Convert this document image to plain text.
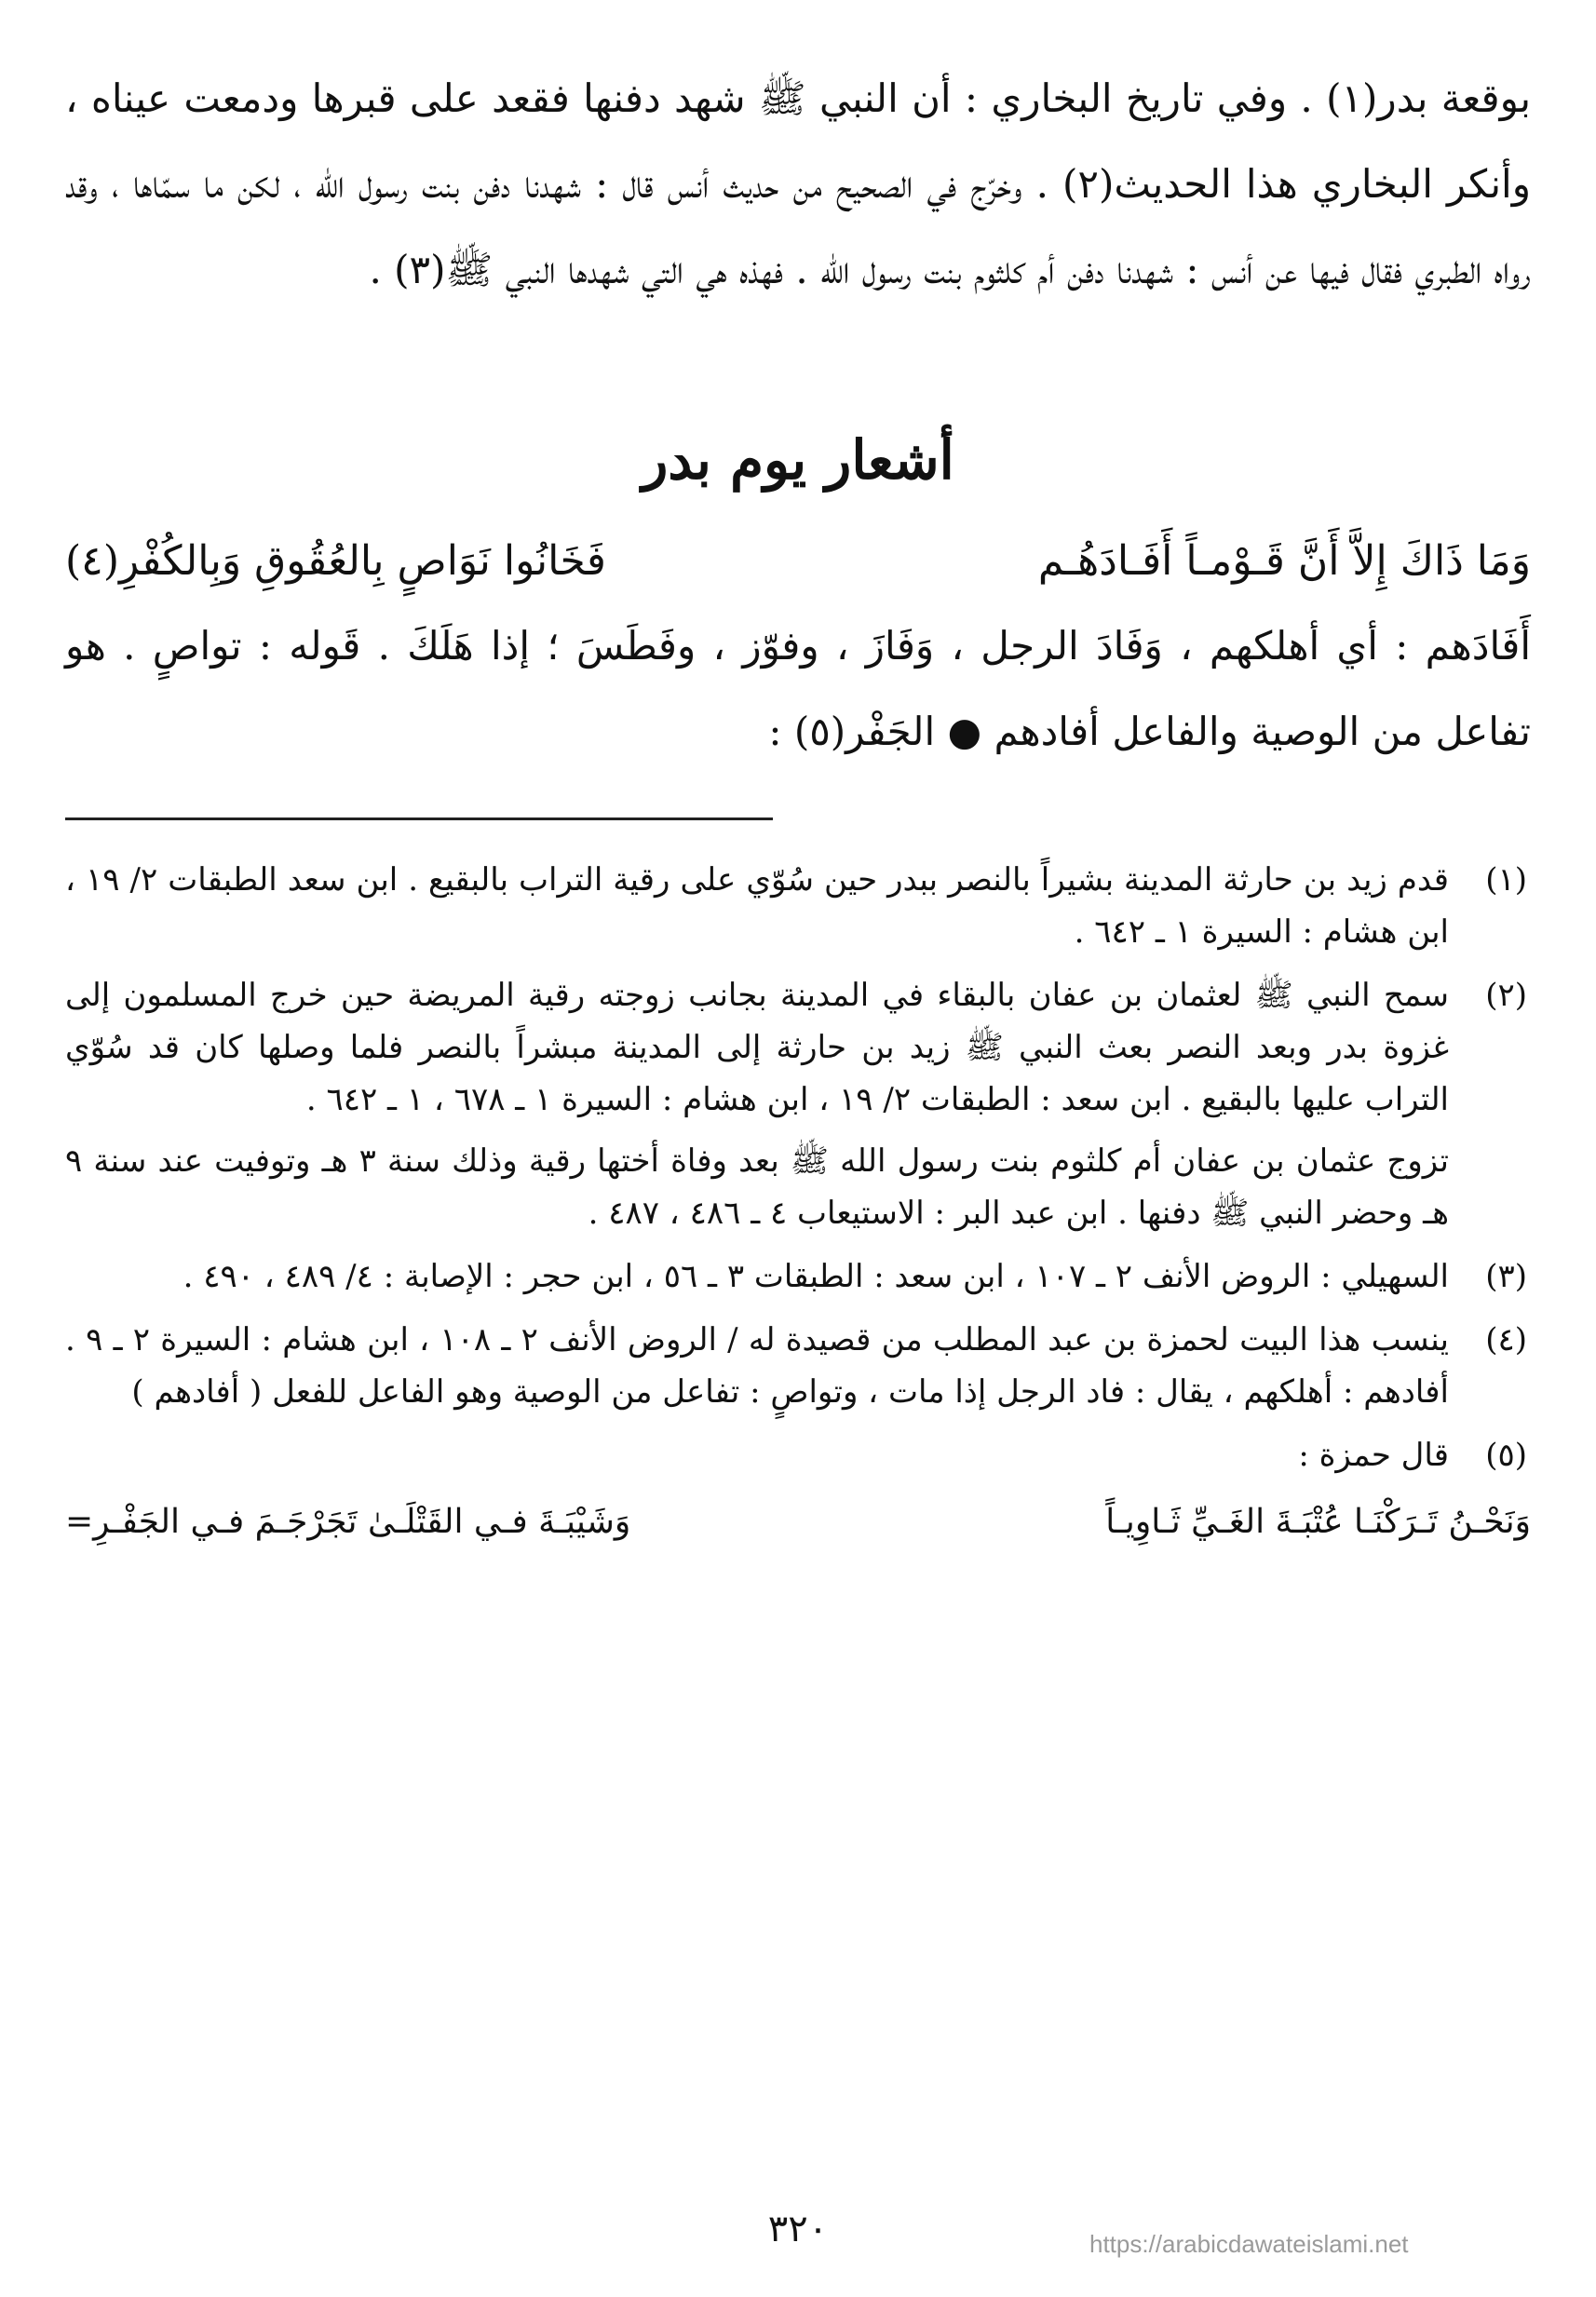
بوقعة بدر(١) . وفي تاريخ البخاري : أن النبي ﷺ شهد دفنها فقعد على قبرها ودمعت عيناه ، وأنكر البخاري هذا الحديث(٢) . وخرّج في الصحيح من حديث أنس قال : شهدنا دفن بنت رسول الله ، لكن ما سمّاها ، وقد رواه الطبري فقال فيها عن أنس : شهدنا دفن أم كلثوم بنت رسول الله . فهذه هي التي شهدها النبي ﷺ(٣) .

أشعار يوم بدر
وَمَا ذَاكَ إِلاَّ أَنَّ قَـوْمـاً أَفَـادَهُـم
فَخَانُوا نَوَاصٍ بِالعُقُوقِ وَبِالكُفْرِ(٤)

أَفَادَهم : أي أهلكهم ، وَفَادَ الرجل ، وَفَازَ ، وفوّز ، وفَطَسَ ؛ إذا هَلَكَ . قَوله : تواصٍ . هو تفاعل من الوصية والفاعل أفادهم ● الجَفْر(٥) :

(١)

قدم زيد بن حارثة المدينة بشيراً بالنصر ببدر حين سُوّي على رقية التراب بالبقيع . ابن سعد الطبقات ٢/ ١٩ ، ابن هشام : السيرة ١ ـ ٦٤٢ .

(٢)

سمح النبي ﷺ لعثمان بن عفان بالبقاء في المدينة بجانب زوجته رقية المريضة حين خرج المسلمون إلى غزوة بدر وبعد النصر بعث النبي ﷺ زيد بن حارثة إلى المدينة مبشراً بالنصر فلما وصلها كان قد سُوّي التراب عليها بالبقيع . ابن سعد : الطبقات ٢/ ١٩ ، ابن هشام : السيرة ١ ـ ٦٧٨ ، ١ ـ ٦٤٢ .

تزوج عثمان بن عفان أم كلثوم بنت رسول الله ﷺ بعد وفاة أختها رقية وذلك سنة ٣ هـ وتوفيت عند سنة ٩ هـ وحضر النبي ﷺ دفنها . ابن عبد البر : الاستيعاب ٤ ـ ٤٨٦ ، ٤٨٧ .

(٣)

السهيلي : الروض الأنف ٢ ـ ١٠٧ ، ابن سعد : الطبقات ٣ ـ ٥٦ ، ابن حجر : الإصابة : ٤/ ٤٨٩ ، ٤٩٠ .

(٤)

ينسب هذا البيت لحمزة بن عبد المطلب من قصيدة له / الروض الأنف ٢ ـ ١٠٨ ، ابن هشام : السيرة ٢ ـ ٩ . أفادهم : أهلكهم ، يقال : فاد الرجل إذا مات ، وتواصٍ : تفاعل من الوصية وهو الفاعل للفعل ( أفادهم )

(٥)

قال حمزة :

وَنَحْـنُ تَـرَكْنَـا عُتْبَـةَ الغَـيِّ ثَـاوِيـاً
وَشَيْبَـةَ فـي القَتْلَـىٰ تَجَرْجَـمَ فـي الجَفْـرِ=
٣٢٠	https://arabicdawateislami.net
